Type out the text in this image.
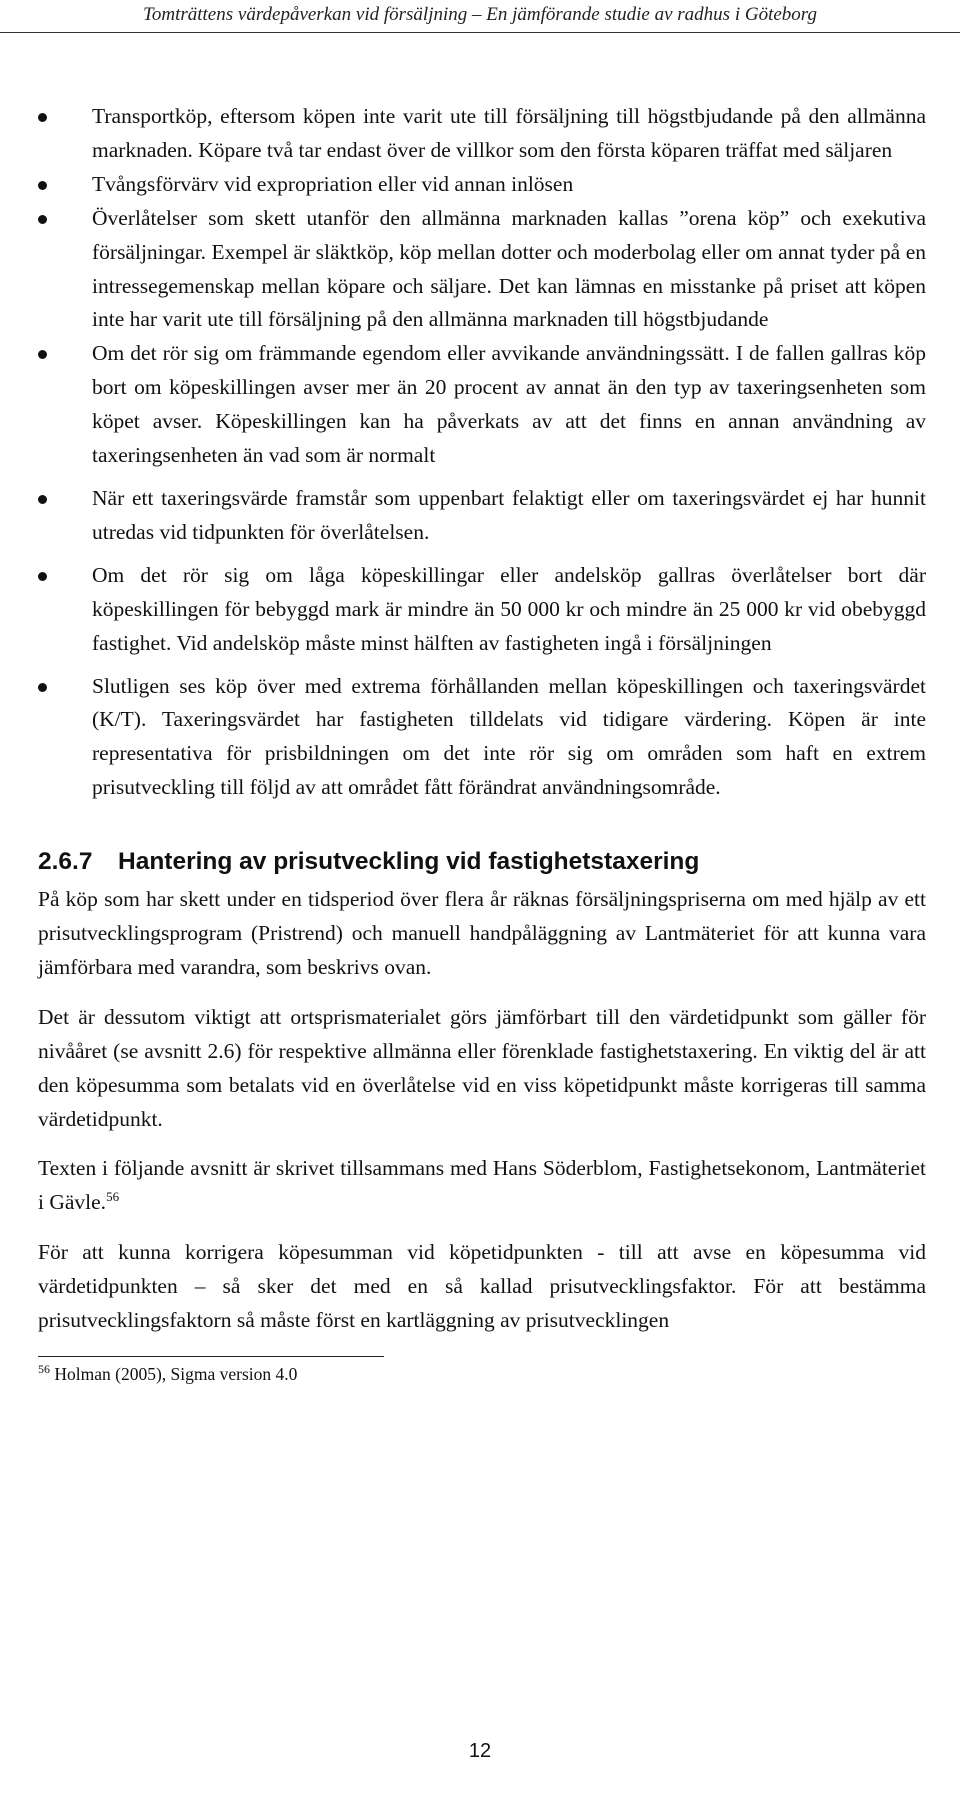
Tomträttens värdepåverkan vid försäljning – En jämförande studie av radhus i Göteborg
Transportköp, eftersom köpen inte varit ute till försäljning till högstbjudande på den allmänna marknaden. Köpare två tar endast över de villkor som den första köparen träffat med säljaren
Tvångsförvärv vid expropriation eller vid annan inlösen
Överlåtelser som skett utanför den allmänna marknaden kallas ”orena köp” och exekutiva försäljningar. Exempel är släktköp, köp mellan dotter och moderbolag eller om annat tyder på en intressegemenskap mellan köpare och säljare. Det kan lämnas en misstanke på priset att köpen inte har varit ute till försäljning på den allmänna marknaden till högstbjudande
Om det rör sig om främmande egendom eller avvikande användningssätt. I de fallen gallras köp bort om köpeskillingen avser mer än 20 procent av annat än den typ av taxeringsenheten som köpet avser. Köpeskillingen kan ha påverkats av att det finns en annan användning av taxeringsenheten än vad som är normalt
När ett taxeringsvärde framstår som uppenbart felaktigt eller om taxeringsvärdet ej har hunnit utredas vid tidpunkten för överlåtelsen.
Om det rör sig om låga köpeskillingar eller andelsköp gallras överlåtelser bort där köpeskillingen för bebyggd mark är mindre än 50 000 kr och mindre än 25 000 kr vid obebyggd fastighet. Vid andelsköp måste minst hälften av fastigheten ingå i försäljningen
Slutligen ses köp över med extrema förhållanden mellan köpeskillingen och taxeringsvärdet (K/T). Taxeringsvärdet har fastigheten tilldelats vid tidigare värdering. Köpen är inte representativa för prisbildningen om det inte rör sig om områden som haft en extrem prisutveckling till följd av att området fått förändrat användningsområde.
2.6.7	Hantering av prisutveckling vid fastighetstaxering

På köp som har skett under en tidsperiod över flera år räknas försäljningspriserna om med hjälp av ett prisutvecklingsprogram (Pristrend) och manuell handpåläggning av Lantmäteriet för att kunna vara jämförbara med varandra, som beskrivs ovan.

Det är dessutom viktigt att ortsprismaterialet görs jämförbart till den värdetidpunkt som gäller för nivååret (se avsnitt 2.6) för respektive allmänna eller förenklade fastighetstaxering. En viktig del är att den köpesumma som betalats vid en överlåtelse vid en viss köpetidpunkt måste korrigeras till samma värdetidpunkt.

Texten i följande avsnitt är skrivet tillsammans med Hans Söderblom, Fastighetsekonom, Lantmäteriet i Gävle.$^{56}$

För att kunna korrigera köpesumman vid köpetidpunkten - till att avse en köpesumma vid värdetidpunkten – så sker det med en så kallad prisutvecklingsfaktor. För att bestämma prisutvecklingsfaktorn så måste först en kartläggning av prisutvecklingen

$^{56}$ Holman (2005), Sigma version 4.0
12
